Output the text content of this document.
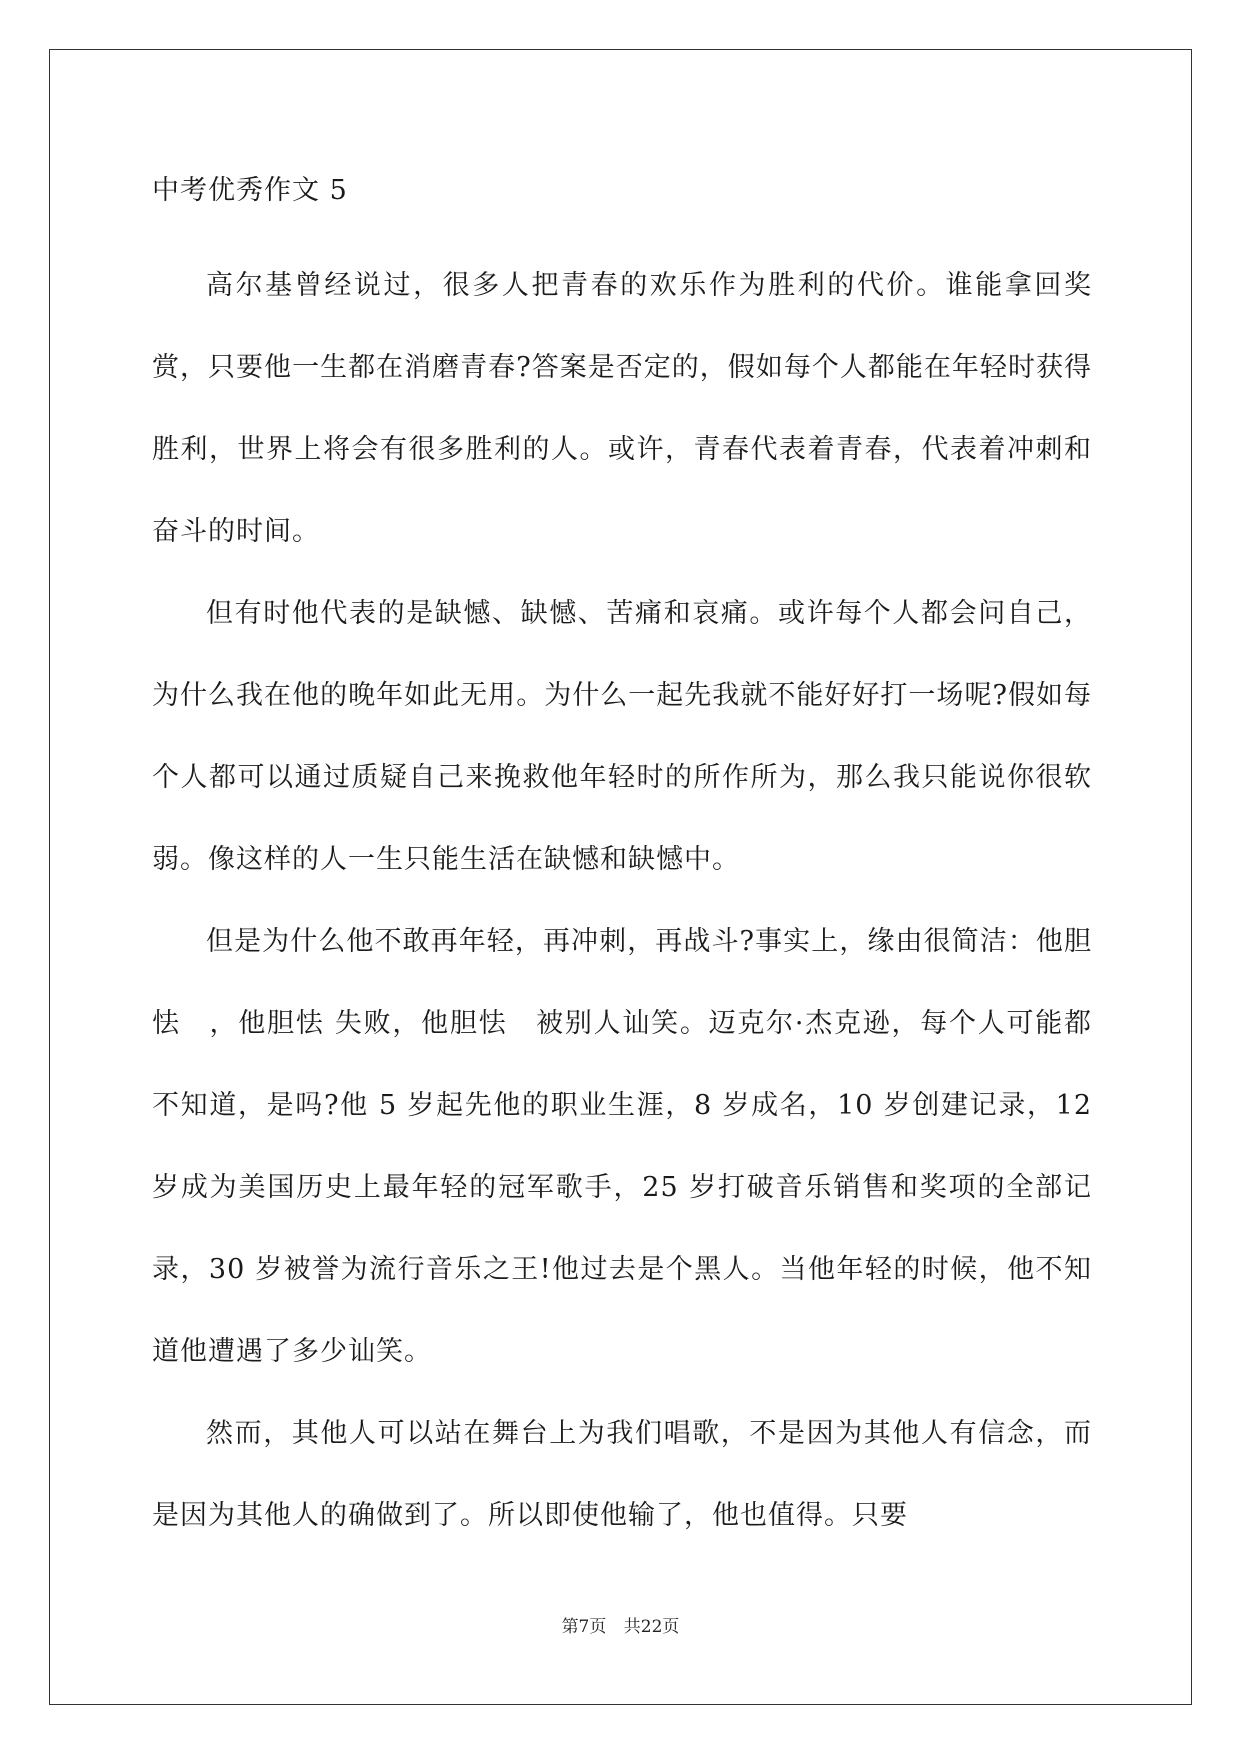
中考优秀作文 5

高尔基曾经说过，很多人把青春的欢乐作为胜利的代价。谁能拿回奖赏，只要他一生都在消磨青春?答案是否定的，假如每个人都能在年轻时获得胜利，世界上将会有很多胜利的人。或许，青春代表着青春，代表着冲刺和奋斗的时间。

但有时他代表的是缺憾、缺憾、苦痛和哀痛。或许每个人都会问自己，为什么我在他的晚年如此无用。为什么一起先我就不能好好打一场呢?假如每个人都可以通过质疑自己来挽救他年轻时的所作所为，那么我只能说你很软弱。像这样的人一生只能生活在缺憾和缺憾中。

但是为什么他不敢再年轻，再冲刺，再战斗?事实上，缘由很简洁：他胆怯　，他胆怯 失败，他胆怯　被别人讪笑。迈克尔·杰克逊，每个人可能都不知道，是吗?他 5 岁起先他的职业生涯，8 岁成名，10 岁创建记录，12 岁成为美国历史上最年轻的冠军歌手，25 岁打破音乐销售和奖项的全部记录，30 岁被誉为流行音乐之王!他过去是个黑人。当他年轻的时候，他不知道他遭遇了多少讪笑。

然而，其他人可以站在舞台上为我们唱歌，不是因为其他人有信念，而是因为其他人的确做到了。所以即使他输了，他也值得。只要

第7页 共22页
